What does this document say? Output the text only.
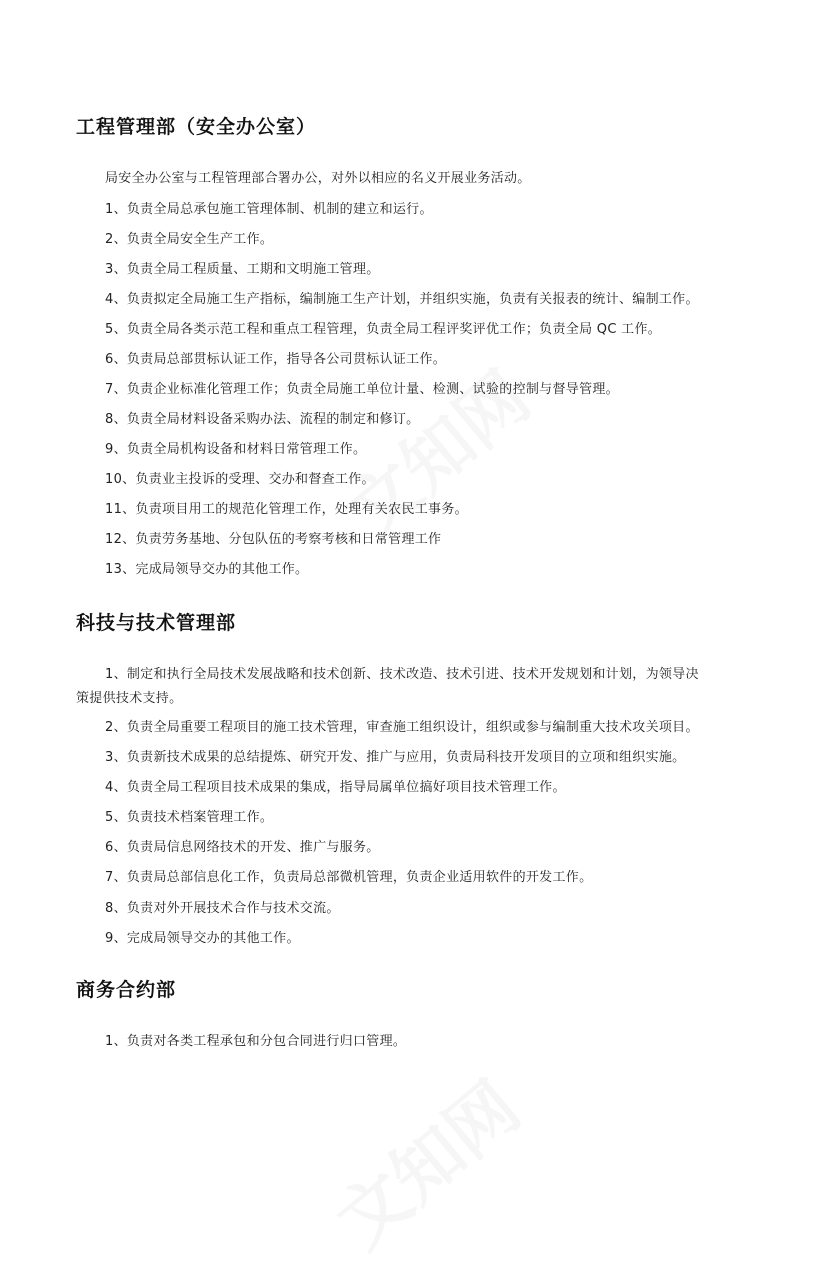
工程管理部（安全办公室）
局安全办公室与工程管理部合署办公，对外以相应的名义开展业务活动。
1、负责全局总承包施工管理体制、机制的建立和运行。
2、负责全局安全生产工作。
3、负责全局工程质量、工期和文明施工管理。
4、负责拟定全局施工生产指标，编制施工生产计划，并组织实施，负责有关报表的统计、编制工作。
5、负责全局各类示范工程和重点工程管理，负责全局工程评奖评优工作；负责全局 QC 工作。
6、负责局总部贯标认证工作，指导各公司贯标认证工作。
7、负责企业标准化管理工作；负责全局施工单位计量、检测、试验的控制与督导管理。
8、负责全局材料设备采购办法、流程的制定和修订。
9、负责全局机构设备和材料日常管理工作。
10、负责业主投诉的受理、交办和督查工作。
11、负责项目用工的规范化管理工作，处理有关农民工事务。
12、负责劳务基地、分包队伍的考察考核和日常管理工作
13、完成局领导交办的其他工作。
科技与技术管理部
1、制定和执行全局技术发展战略和技术创新、技术改造、技术引进、技术开发规划和计划，为领导决
策提供技术支持。
2、负责全局重要工程项目的施工技术管理，审查施工组织设计，组织或参与编制重大技术攻关项目。
3、负责新技术成果的总结提炼、研究开发、推广与应用，负责局科技开发项目的立项和组织实施。
4、负责全局工程项目技术成果的集成，指导局属单位搞好项目技术管理工作。
5、负责技术档案管理工作。
6、负责局信息网络技术的开发、推广与服务。
7、负责局总部信息化工作，负责局总部微机管理，负责企业适用软件的开发工作。
8、负责对外开展技术合作与技术交流。
9、完成局领导交办的其他工作。
商务合约部
1、负责对各类工程承包和分包合同进行归口管理。
